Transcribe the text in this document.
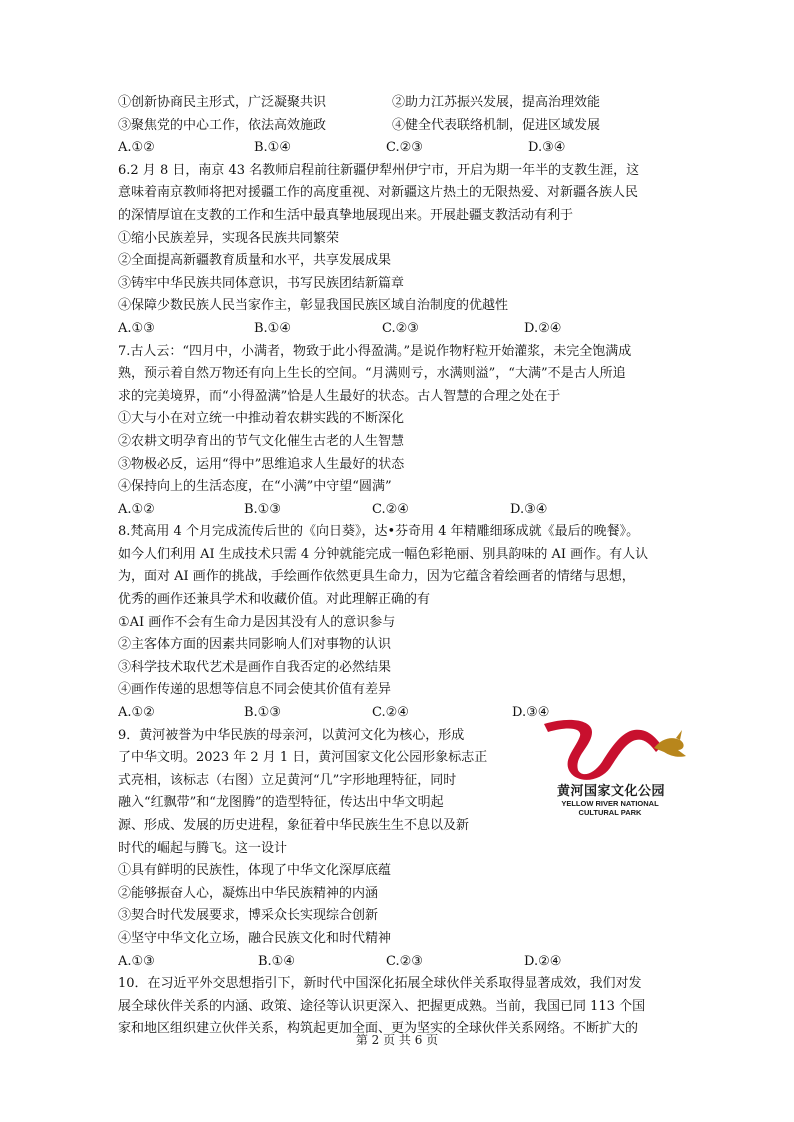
①创新协商民主形式，广泛凝聚共识	②助力江苏振兴发展，提高治理效能
③聚焦党的中心工作，依法高效施政	④健全代表联络机制，促进区域发展
A.①②	B.①④	C.②③	D.③④
6.2 月 8 日，南京 43 名教师启程前往新疆伊犁州伊宁市，开启为期一年半的支教生涯，这
意味着南京教师将把对援疆工作的高度重视、对新疆这片热土的无限热爱、对新疆各族人民
的深情厚谊在支教的工作和生活中最真挚地展现出来。开展赴疆支教活动有利于
①缩小民族差异，实现各民族共同繁荣
②全面提高新疆教育质量和水平，共享发展成果
③铸牢中华民族共同体意识，书写民族团结新篇章
④保障少数民族人民当家作主，彰显我国民族区域自治制度的优越性
A.①③	B.①④	C.②③	D.②④
7.古人云：“四月中，小满者，物致于此小得盈满。”是说作物籽粒开始灌浆，未完全饱满成
熟，预示着自然万物还有向上生长的空间。“月满则亏，水满则溢”，“大满”不是古人所追
求的完美境界，而“小得盈满”恰是人生最好的状态。古人智慧的合理之处在于
①大与小在对立统一中推动着农耕实践的不断深化
②农耕文明孕育出的节气文化催生古老的人生智慧
③物极必反，运用“得中”思维追求人生最好的状态
④保持向上的生活态度，在“小满”中守望“圆满”
A.①②	B.①③	C.②④	D.③④
8.梵高用 4 个月完成流传后世的《向日葵》，达•芬奇用 4 年精雕细琢成就《最后的晚餐》。
如今人们利用 AI 生成技术只需 4 分钟就能完成一幅色彩艳丽、别具韵味的 AI 画作。有人认
为，面对 AI 画作的挑战，手绘画作依然更具生命力，因为它蕴含着绘画者的情绪与思想，
优秀的画作还兼具学术和收藏价值。对此理解正确的有
①AI 画作不会有生命力是因其没有人的意识参与
②主客体方面的因素共同影响人们对事物的认识
③科学技术取代艺术是画作自我否定的必然结果
④画作传递的思想等信息不同会使其价值有差异
A.①②	B.①③	C.②④	D.③④
9．黄河被誉为中华民族的母亲河，以黄河文化为核心，形成
了中华文明。2023 年 2 月 1 日，黄河国家文化公园形象标志正
式亮相，该标志（右图）立足黄河“几”字形地理特征，同时
融入“红飘带”和“龙图腾”的造型特征，传达出中华文明起
源、形成、发展的历史进程，象征着中华民族生生不息以及新
时代的崛起与腾飞。这一设计
①具有鲜明的民族性，体现了中华文化深厚底蕴
②能够振奋人心，凝炼出中华民族精神的内涵
③契合时代发展要求，博采众长实现综合创新
④坚守中华文化立场，融合民族文化和时代精神
A.①③	B.①④	C.②③	D.②④
10．在习近平外交思想指引下，新时代中国深化拓展全球伙伴关系取得显著成效，我们对发
展全球伙伴关系的内涵、政策、途径等认识更深入、把握更成熟。当前，我国已同 113 个国
家和地区组织建立伙伴关系，构筑起更加全面、更为坚实的全球伙伴关系网络。不断扩大的
黄河国家文化公园
YELLOW RIVER NATIONAL
CULTURAL PARK
第 2 页 共 6 页
